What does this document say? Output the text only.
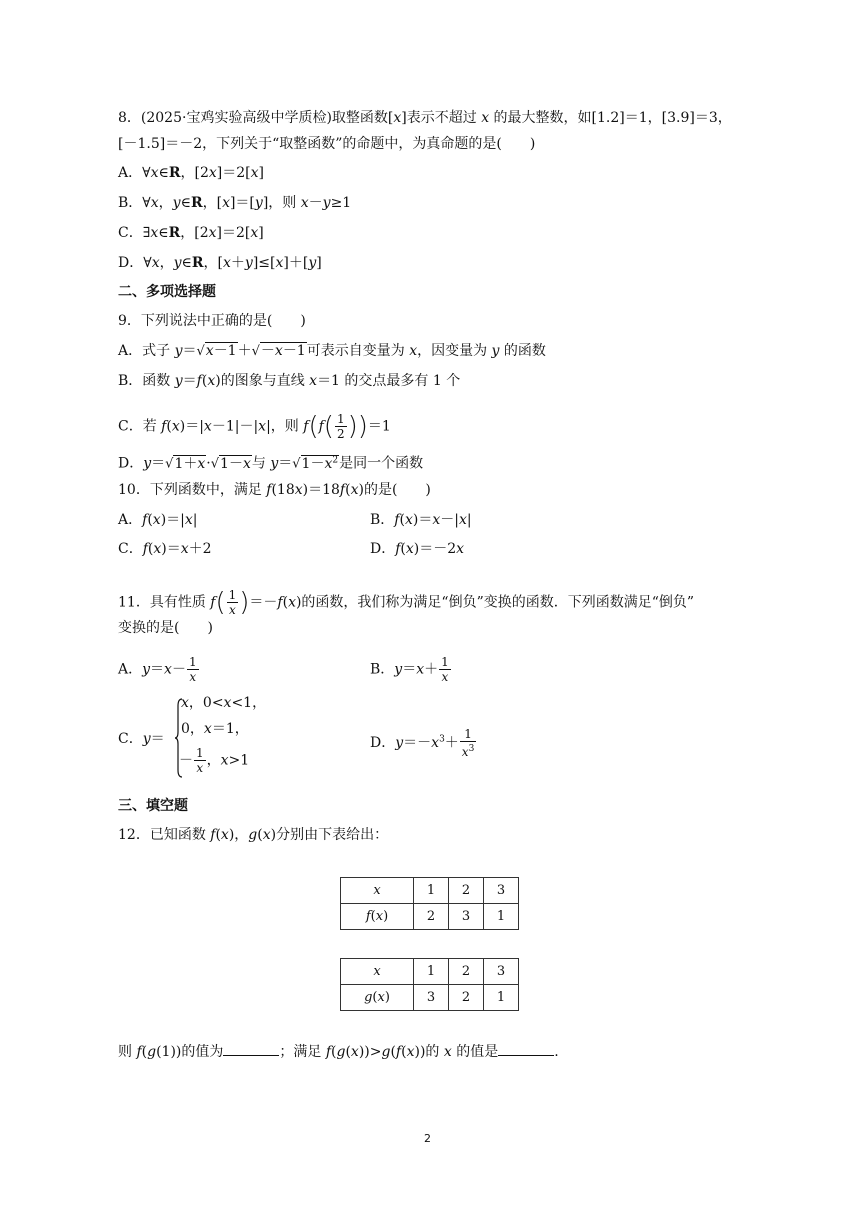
8．(2025·宝鸡实验高级中学质检)取整函数[x]表示不超过 x 的最大整数，如[1.2]＝1，[3.9]＝3，
[－1.5]＝－2，下列关于“取整函数”的命题中，为真命题的是(　　)
A．∀x∈R，[2x]＝2[x]
B．∀x，y∈R，[x]＝[y]，则 x－y≥1
C．∃x∈R，[2x]＝2[x]
D．∀x，y∈R，[x＋y]≤[x]＋[y]
二、多项选择题
9．下列说法中正确的是(　　)
A．式子 y＝√x－1＋√－x－1可表示自变量为 x，因变量为 y 的函数
B．函数 y＝f(x)的图象与直线 x＝1 的交点最多有 1 个
C．若 f(x)＝|x－1|－|x|，则 $f(f( \frac{1}{2} ))=1$
D．y＝√1＋x·√1－x与 $y=√1-x^2$是同一个函数
10．下列函数中，满足 f(18x)＝18f(x)的是(　　)
A．f(x)＝|x|	B．f(x)＝x－|x|
C．f(x)＝x＋2	D．f(x)＝－2x
11．具有性质 $f( \frac{1}{x} )=-f(x)$的函数，我们称为满足“倒负”变换的函数．下列函数满足“倒负”
变换的是(　　)
A．$y=x- \frac{1}{x}$	B．$y=x+ \frac{1}{x}$
C．y＝
x，0<x<1，
0，x＝1，
－ $\frac{1}{x}$ ，x>1
D．$y=-x^3+ \frac{1}{x^3}$
三、填空题
12．已知函数 f(x)，g(x)分别由下表给出：
x	1	2	3
f(x)	2	3	1
x	1	2	3
g(x)	3	2	1
则 f(g(1))的值为	；满足 f(g(x))>g(f(x))的 x 的值是	.
2
